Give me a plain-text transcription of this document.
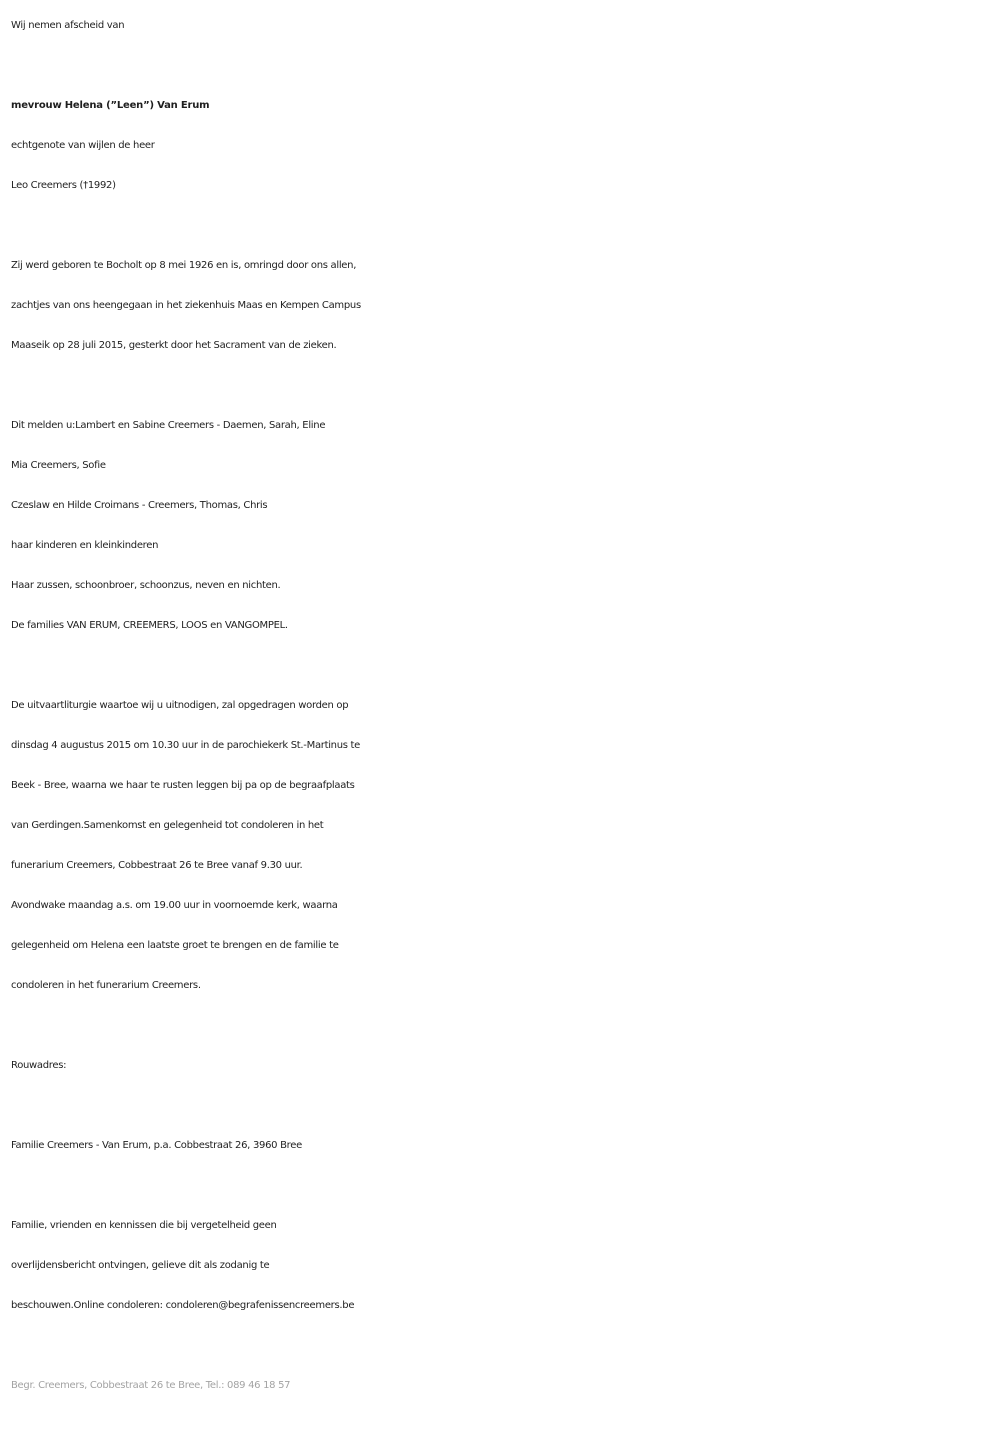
Wij nemen afscheid van
mevrouw Helena (”Leen”) Van Erum
echtgenote van wijlen de heer
Leo Creemers (†1992)
Zij werd geboren te Bocholt op 8 mei 1926 en is, omringd door ons allen,
zachtjes van ons heengegaan in het ziekenhuis Maas en Kempen Campus
Maaseik op 28 juli 2015, gesterkt door het Sacrament van de zieken.
Dit melden u:Lambert en Sabine Creemers - Daemen, Sarah, Eline
Mia Creemers, Sofie
Czeslaw en Hilde Croimans - Creemers, Thomas, Chris
haar kinderen en kleinkinderen
Haar zussen, schoonbroer, schoonzus, neven en nichten.
De families VAN ERUM, CREEMERS, LOOS en VANGOMPEL.
De uitvaartliturgie waartoe wij u uitnodigen, zal opgedragen worden op
dinsdag 4 augustus 2015 om 10.30 uur in de parochiekerk St.-Martinus te
Beek - Bree, waarna we haar te rusten leggen bij pa op de begraafplaats
van Gerdingen.Samenkomst en gelegenheid tot condoleren in het
funerarium Creemers, Cobbestraat 26 te Bree vanaf 9.30 uur.
Avondwake maandag a.s. om 19.00 uur in voornoemde kerk, waarna
gelegenheid om Helena een laatste groet te brengen en de familie te
condoleren in het funerarium Creemers.
Rouwadres:
Familie Creemers - Van Erum, p.a. Cobbestraat 26, 3960 Bree
Familie, vrienden en kennissen die bij vergetelheid geen
overlijdensbericht ontvingen, gelieve dit als zodanig te
beschouwen.Online condoleren: condoleren@begrafenissencreemers.be
Begr. Creemers, Cobbestraat 26 te Bree, Tel.: 089 46 18 57
